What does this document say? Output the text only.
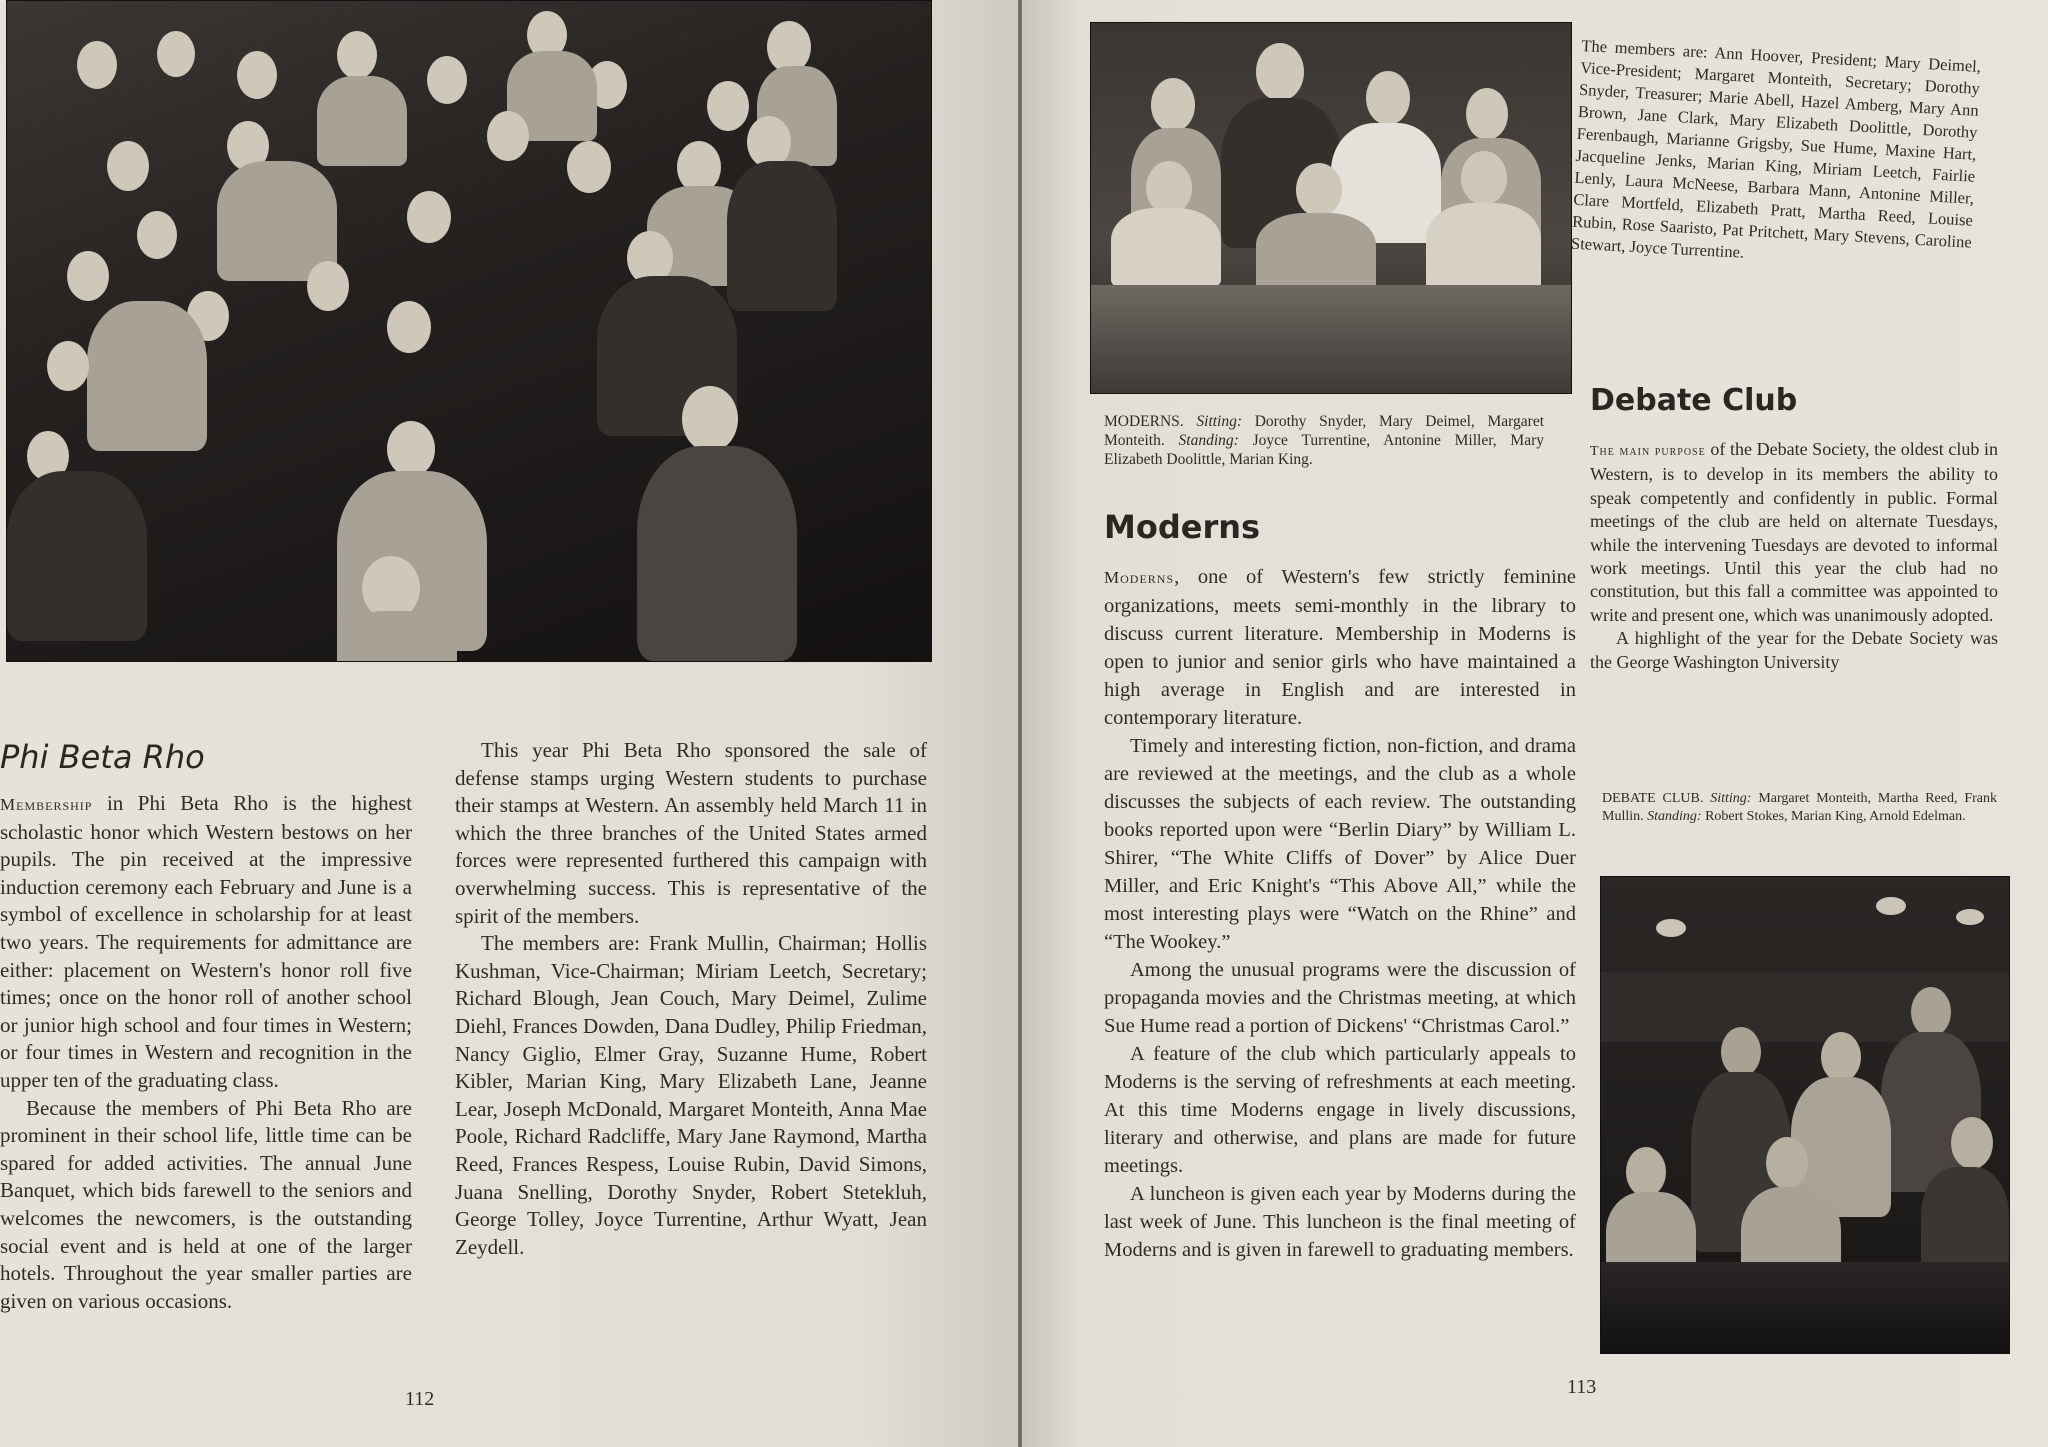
Phi Beta Rho

Membership in Phi Beta Rho is the highest scholastic honor which Western bestows on her pupils. The pin received at the impressive induction ceremony each February and June is a symbol of excellence in scholarship for at least two years. The requirements for admittance are either: placement on Western's honor roll five times; once on the honor roll of another school or junior high school and four times in Western; or four times in Western and recognition in the upper ten of the graduating class.

Because the members of Phi Beta Rho are prominent in their school life, little time can be spared for added activities. The annual June Banquet, which bids farewell to the seniors and welcomes the newcomers, is the outstanding social event and is held at one of the larger hotels. Throughout the year smaller parties are given on various occasions.

This year Phi Beta Rho sponsored the sale of defense stamps urging Western students to purchase their stamps at Western. An assembly held March 11 in which the three branches of the United States armed forces were represented furthered this campaign with overwhelming success. This is representative of the spirit of the members.

The members are: Frank Mullin, Chairman; Hollis Kushman, Vice-Chairman; Miriam Leetch, Secretary; Richard Blough, Jean Couch, Mary Deimel, Zulime Diehl, Frances Dowden, Dana Dudley, Philip Friedman, Nancy Giglio, Elmer Gray, Suzanne Hume, Robert Kibler, Marian King, Mary Elizabeth Lane, Jeanne Lear, Joseph McDonald, Margaret Monteith, Anna Mae Poole, Richard Radcliffe, Mary Jane Raymond, Martha Reed, Frances Respess, Louise Rubin, David Simons, Juana Snelling, Dorothy Snyder, Robert Stetekluh, George Tolley, Joyce Turrentine, Arthur Wyatt, Jean Zeydell.

112
MODERNS. Sitting: Dorothy Snyder, Mary Deimel, Margaret Monteith. Standing: Joyce Turrentine, Antonine Miller, Mary Elizabeth Doolittle, Marian King.
The members are: Ann Hoover, President; Mary Deimel, Vice-President; Margaret Monteith, Secretary; Dorothy Snyder, Treasurer; Marie Abell, Hazel Amberg, Mary Ann Brown, Jane Clark, Mary Elizabeth Doolittle, Dorothy Ferenbaugh, Marianne Grigsby, Sue Hume, Maxine Hart, Jacqueline Jenks, Marian King, Miriam Leetch, Fairlie Lenly, Laura McNeese, Barbara Mann, Antonine Miller, Clare Mortfeld, Elizabeth Pratt, Martha Reed, Louise Rubin, Rose Saaristo, Pat Pritchett, Mary Stevens, Caroline Stewart, Joyce Turrentine.
Moderns

Moderns, one of Western's few strictly feminine organizations, meets semi-monthly in the library to discuss current literature. Membership in Moderns is open to junior and senior girls who have maintained a high average in English and are interested in contemporary literature.

Timely and interesting fiction, non-fiction, and drama are reviewed at the meetings, and the club as a whole discusses the subjects of each review. The outstanding books reported upon were “Berlin Diary” by William L. Shirer, “The White Cliffs of Dover” by Alice Duer Miller, and Eric Knight's “This Above All,” while the most interesting plays were “Watch on the Rhine” and “The Wookey.”

Among the unusual programs were the discussion of propaganda movies and the Christmas meeting, at which Sue Hume read a portion of Dickens' “Christmas Carol.”

A feature of the club which particularly appeals to Moderns is the serving of refreshments at each meeting. At this time Moderns engage in lively discussions, literary and otherwise, and plans are made for future meetings.

A luncheon is given each year by Moderns during the last week of June. This luncheon is the final meeting of Moderns and is given in farewell to graduating members.

Debate Club

The main purpose of the Debate Society, the oldest club in Western, is to develop in its members the ability to speak competently and confidently in public. Formal meetings of the club are held on alternate Tuesdays, while the intervening Tuesdays are devoted to informal work meetings. Until this year the club had no constitution, but this fall a committee was appointed to write and present one, which was unanimously adopted.

A highlight of the year for the Debate Society was the George Washington University

DEBATE CLUB. Sitting: Margaret Monteith, Martha Reed, Frank Mullin. Standing: Robert Stokes, Marian King, Arnold Edelman.
113
